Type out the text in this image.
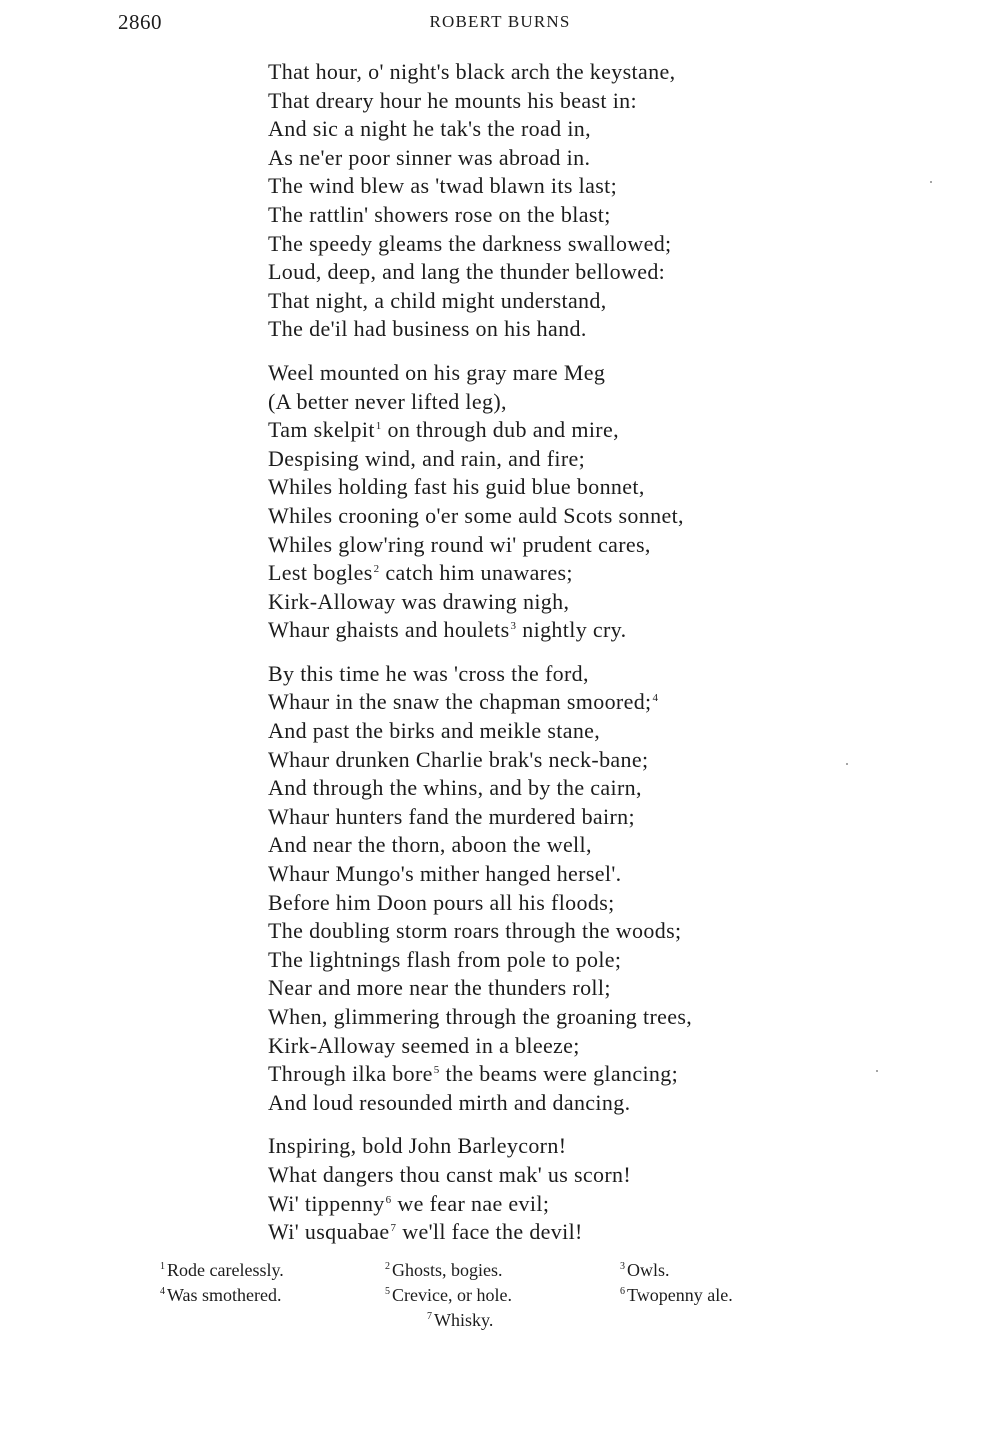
2860	ROBERT BURNS
That hour, o' night's black arch the keystane,
That dreary hour he mounts his beast in:
And sic a night he tak's the road in,
As ne'er poor sinner was abroad in.
The wind blew as 'twad blawn its last;
The rattlin' showers rose on the blast;
The speedy gleams the darkness swallowed;
Loud, deep, and lang the thunder bellowed:
That night, a child might understand,
The de'il had business on his hand.
Weel mounted on his gray mare Meg
(A better never lifted leg),
Tam skelpit$^1$ on through dub and mire,
Despising wind, and rain, and fire;
Whiles holding fast his guid blue bonnet,
Whiles crooning o'er some auld Scots sonnet,
Whiles glow'ring round wi' prudent cares,
Lest bogles$^2$ catch him unawares;
Kirk-Alloway was drawing nigh,
Whaur ghaists and houlets$^3$ nightly cry.
By this time he was 'cross the ford,
Whaur in the snaw the chapman smoored;$^4$
And past the birks and meikle stane,
Whaur drunken Charlie brak's neck-bane;
And through the whins, and by the cairn,
Whaur hunters fand the murdered bairn;
And near the thorn, aboon the well,
Whaur Mungo's mither hanged hersel'.
Before him Doon pours all his floods;
The doubling storm roars through the woods;
The lightnings flash from pole to pole;
Near and more near the thunders roll;
When, glimmering through the groaning trees,
Kirk-Alloway seemed in a bleeze;
Through ilka bore$^5$ the beams were glancing;
And loud resounded mirth and dancing.
Inspiring, bold John Barleycorn!
What dangers thou canst mak' us scorn!
Wi' tippenny$^6$ we fear nae evil;
Wi' usquabae$^7$ we'll face the devil!
$^1$ Rode carelessly.	$^2$ Ghosts, bogies.	$^3$ Owls.
$^4$ Was smothered.	$^5$ Crevice, or hole.	$^6$ Twopenny ale.
$^7$ Whisky.
